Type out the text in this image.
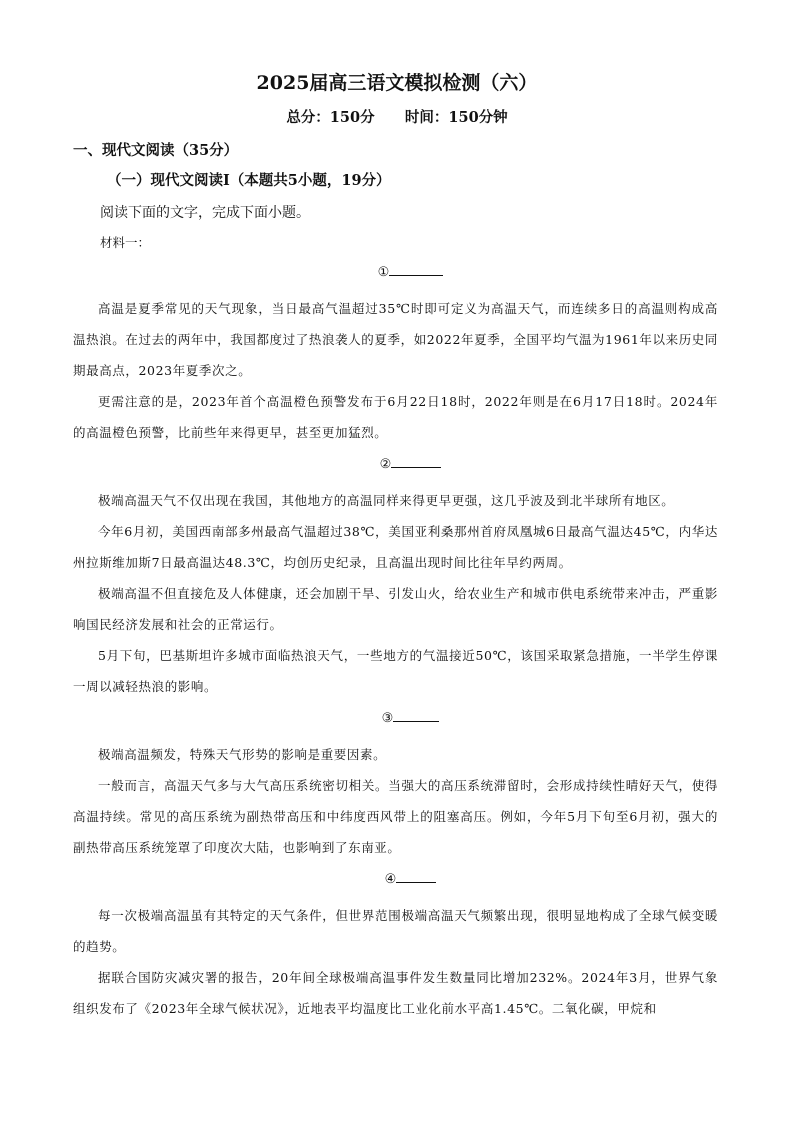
2025届高三语文模拟检测（六）
总分：150分 时间：150分钟
一、现代文阅读（35分）
（一）现代文阅读Ⅰ（本题共5小题，19分）

阅读下面的文字，完成下面小题。

材料一：

①

高温是夏季常见的天气现象，当日最高气温超过35℃时即可定义为高温天气，而连续多日的高温则构成高温热浪。在过去的两年中，我国都度过了热浪袭人的夏季，如2022年夏季，全国平均气温为1961年以来历史同期最高点，2023年夏季次之。

更需注意的是，2023年首个高温橙色预警发布于6月22日18时，2022年则是在6月17日18时。2024年的高温橙色预警，比前些年来得更早，甚至更加猛烈。

②

极端高温天气不仅出现在我国，其他地方的高温同样来得更早更强，这几乎波及到北半球所有地区。

今年6月初，美国西南部多州最高气温超过38℃，美国亚利桑那州首府凤凰城6日最高气温达45℃，内华达州拉斯维加斯7日最高温达48.3℃，均创历史纪录，且高温出现时间比往年早约两周。

极端高温不但直接危及人体健康，还会加剧干旱、引发山火，给农业生产和城市供电系统带来冲击，严重影响国民经济发展和社会的正常运行。

5月下旬，巴基斯坦许多城市面临热浪天气，一些地方的气温接近50℃，该国采取紧急措施，一半学生停课一周以减轻热浪的影响。

③

极端高温频发，特殊天气形势的影响是重要因素。

一般而言，高温天气多与大气高压系统密切相关。当强大的高压系统滞留时，会形成持续性晴好天气，使得高温持续。常见的高压系统为副热带高压和中纬度西风带上的阻塞高压。例如，今年5月下旬至6月初，强大的副热带高压系统笼罩了印度次大陆，也影响到了东南亚。

④

每一次极端高温虽有其特定的天气条件，但世界范围极端高温天气频繁出现，很明显地构成了全球气候变暖的趋势。

据联合国防灾减灾署的报告，20年间全球极端高温事件发生数量同比增加232%。2024年3月，世界气象组织发布了《2023年全球气候状况》，近地表平均温度比工业化前水平高1.45℃。二氧化碳，甲烷和
